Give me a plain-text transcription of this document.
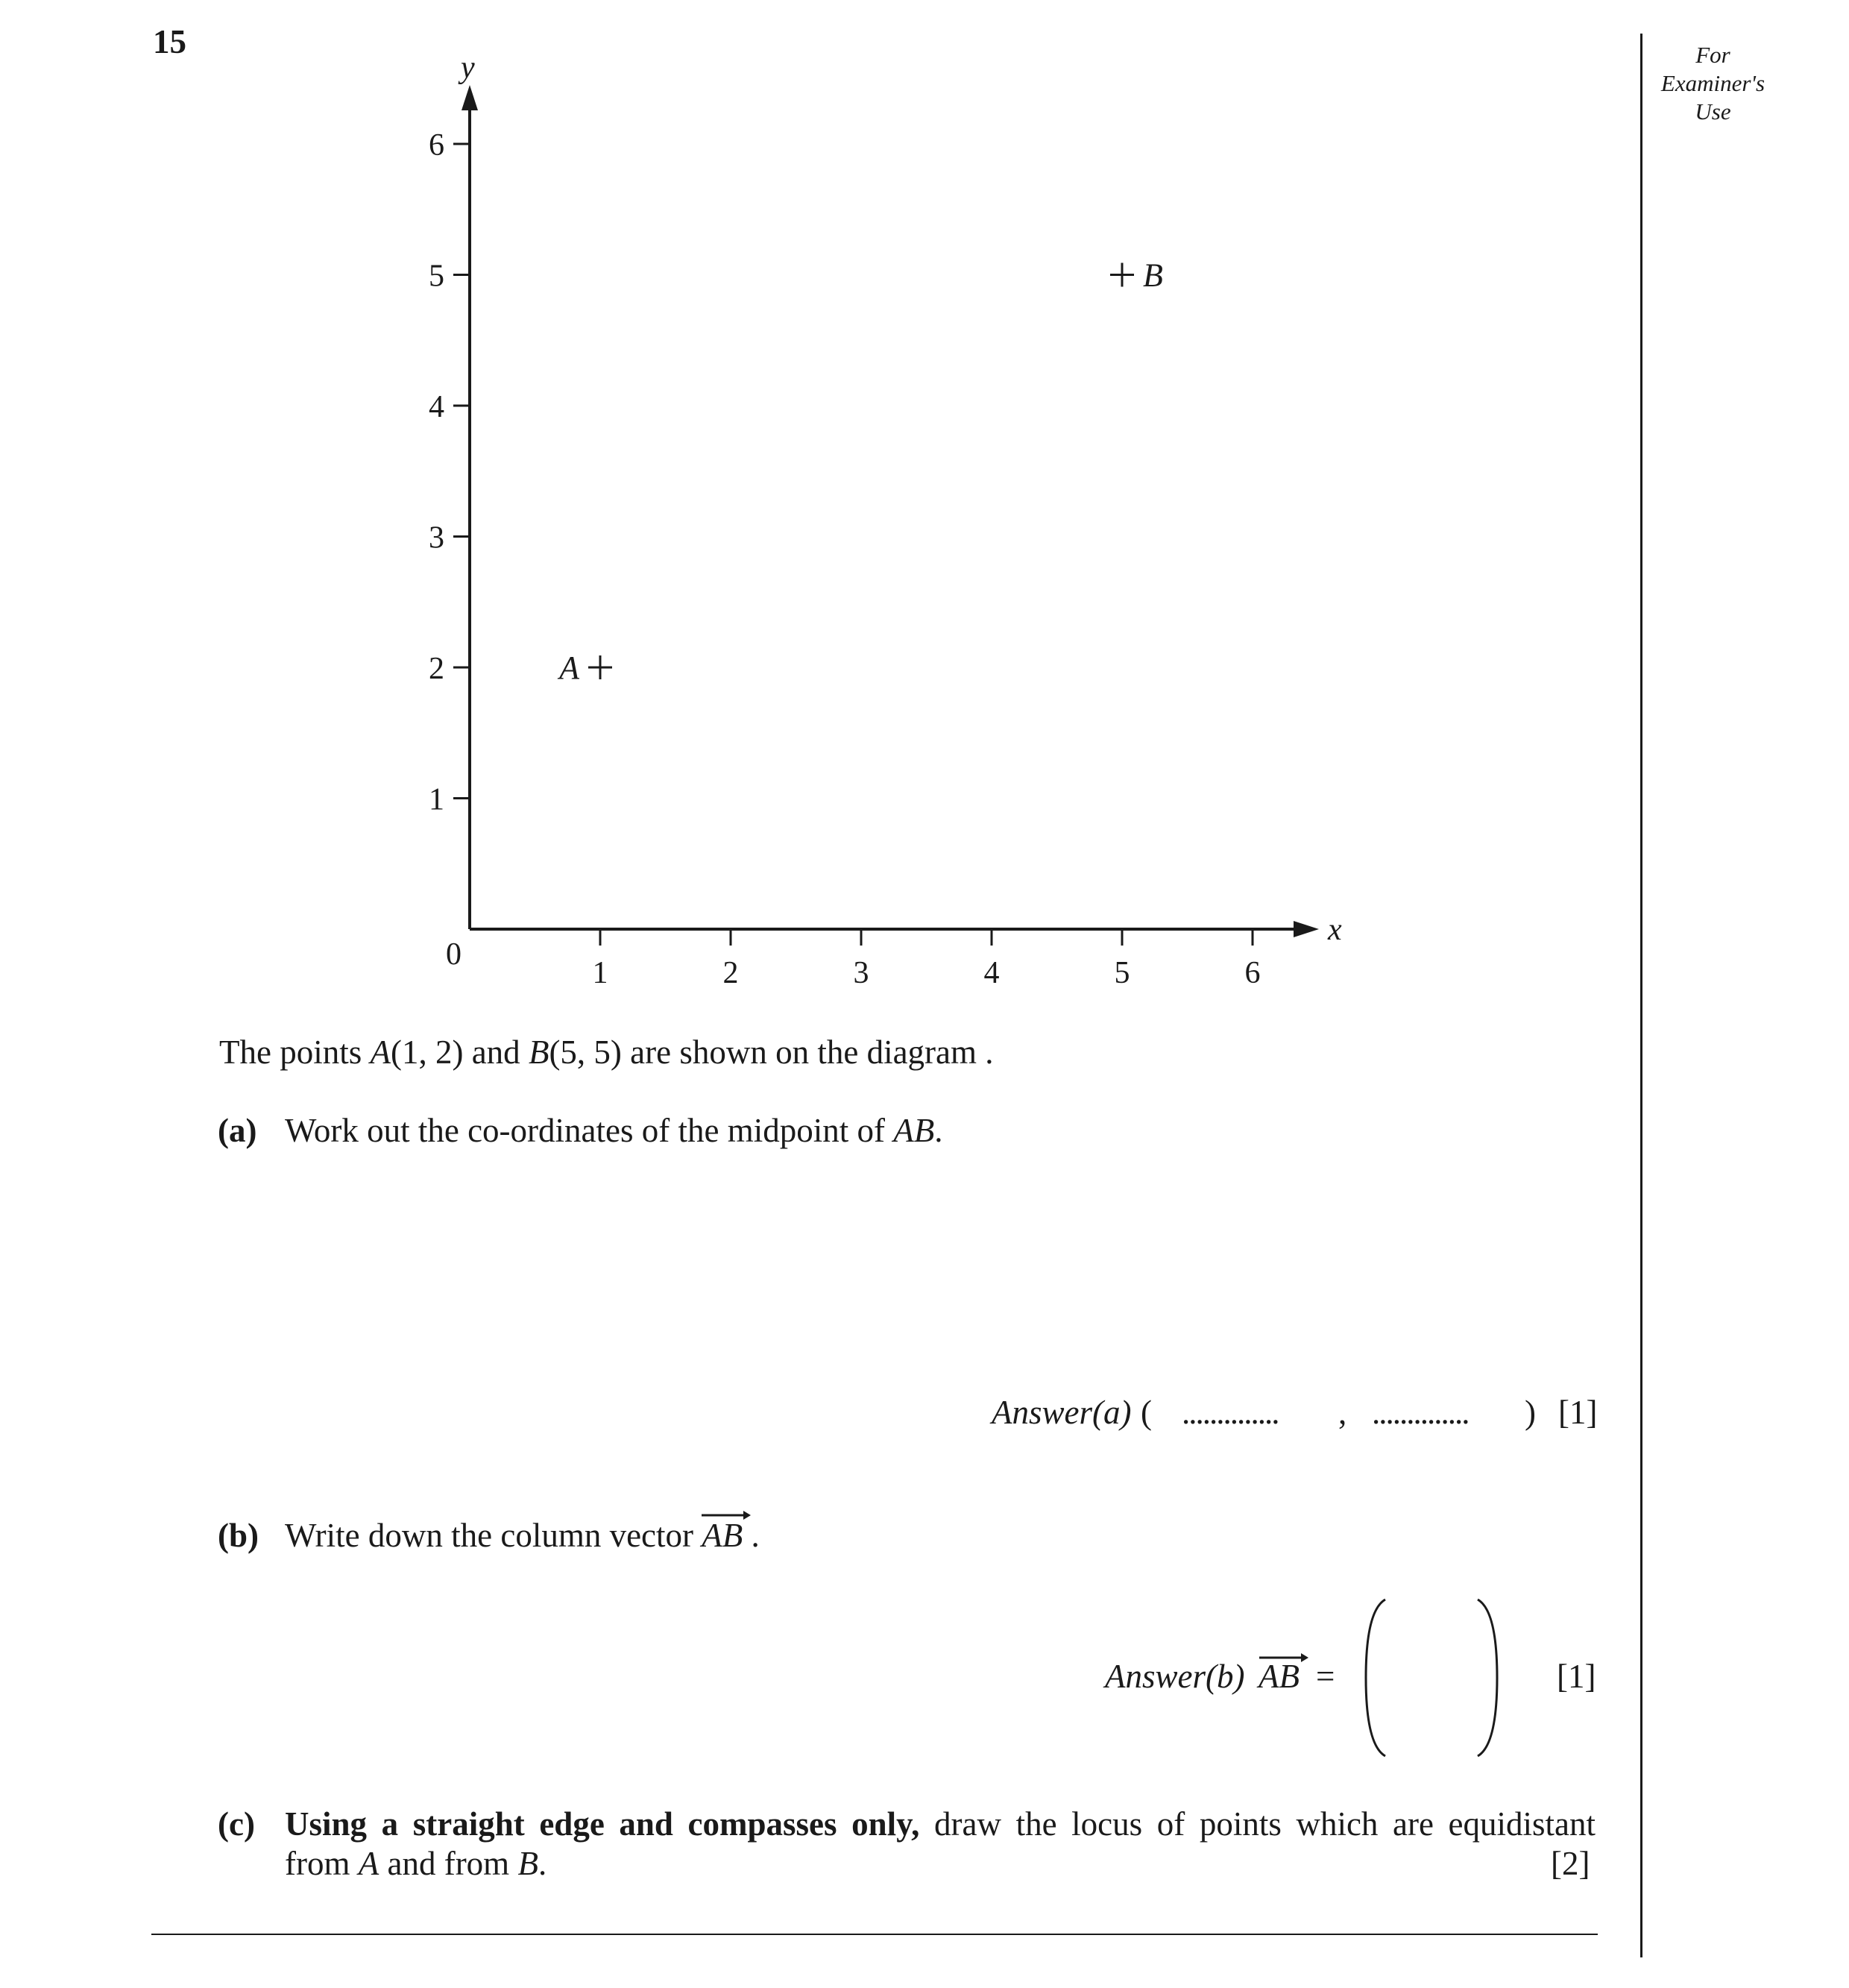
15	For
Examiner's
Use
y
x
0
1	2	3	4	5	6
1
2
3
4
5
6
A
B
The points A(1, 2) and B(5, 5) are shown on the diagram .
(a) Work out the co-ordinates of the midpoint of AB.
Answer(a) ( .............. , .............. ) [1]
(b) Write down the column vector
AB .
Answer(b) AB =	[1]
(c) Using a straight edge and compasses only, draw the locus of points which are equidistant
from A and from B.	[2]
